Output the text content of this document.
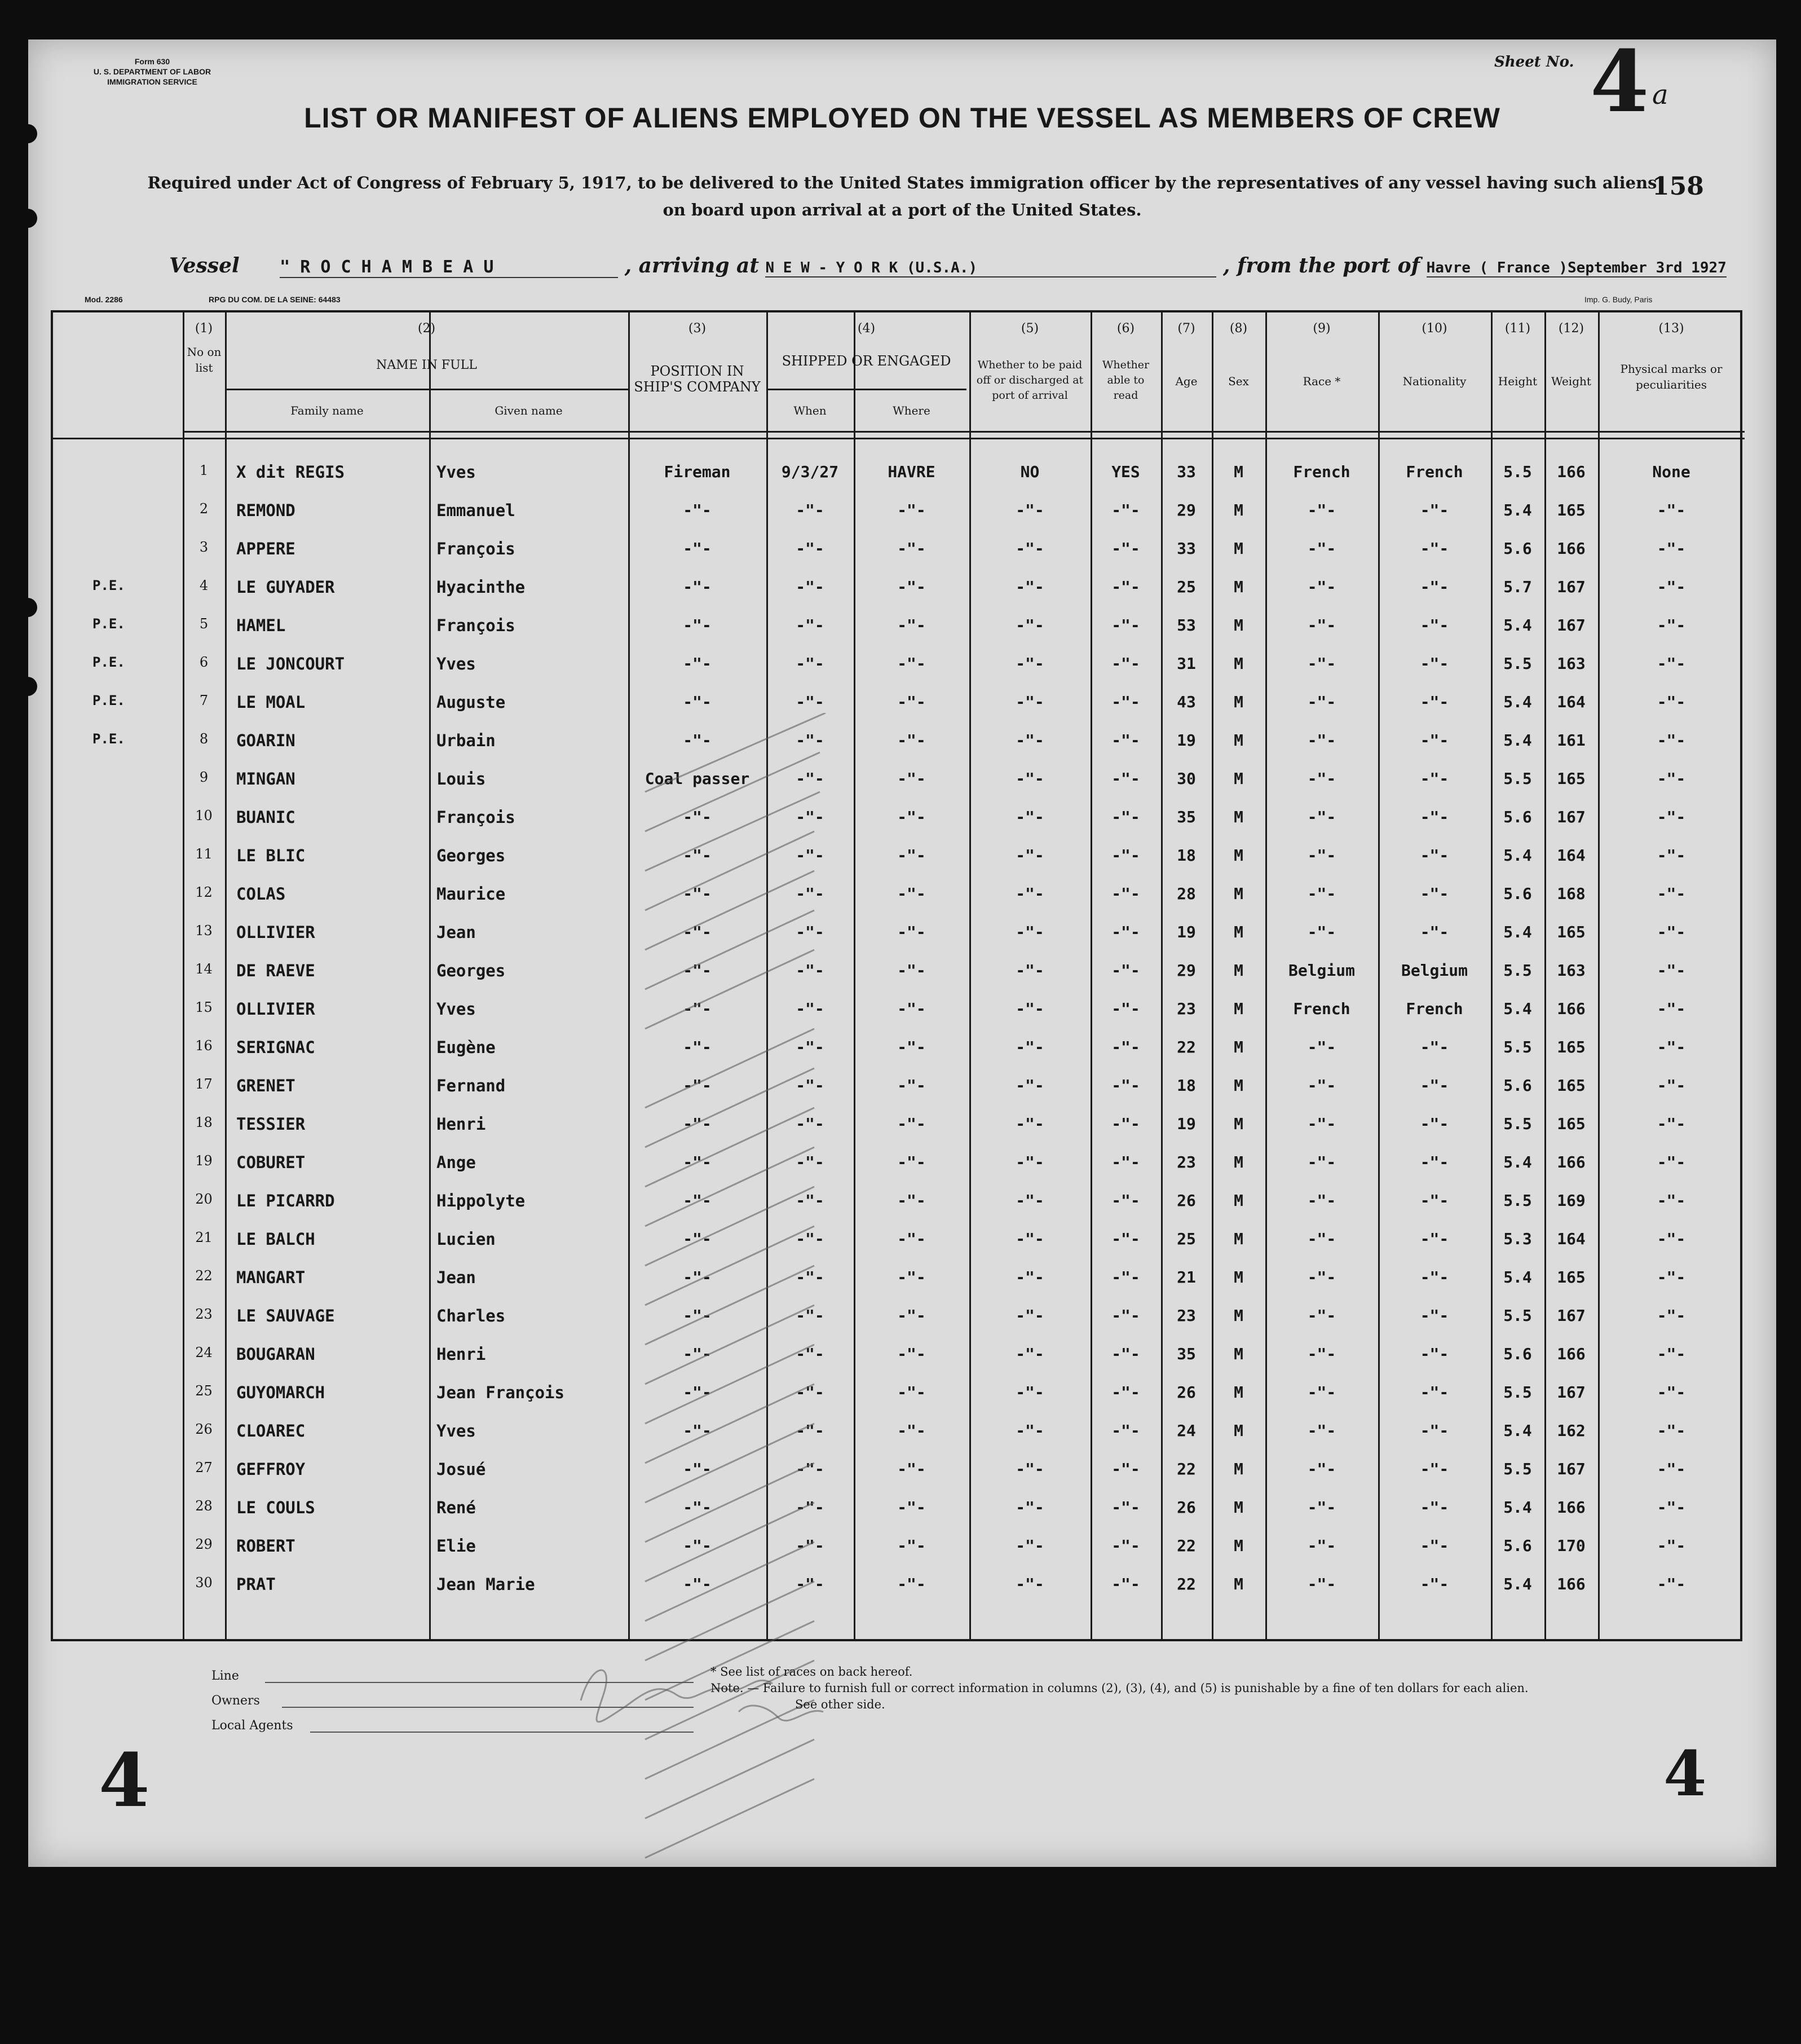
Form 630
U. S. DEPARTMENT OF LABOR
IMMIGRATION SERVICE
Sheet No. 4 a
LIST OR MANIFEST OF ALIENS EMPLOYED ON THE VESSEL AS MEMBERS OF CREW
Required under Act of Congress of February 5, 1917, to be delivered to the United States immigration officer by the representatives of any vessel having such aliens on board upon arrival at a port of the United States.
158
Vessel " R O C H A M B E A U	, arriving at N E W - Y O R K (U.S.A.)	, from the port of Havre ( France )September 3rd 1927
Mod. 2286	RPG DU COM. DE LA SEINE: 64483	Imp. G. Budy, Paris
(1)
No on list
(2)
NAME IN FULL
Family name	Given name
(3)
POSITION IN SHIP'S COMPANY
(4)
SHIPPED OR ENGAGED
When	Where
(5)
Whether to be paid off or discharged at port of arrival
(6)
Whether able to read
(7)
Age
(8)
Sex
(9)
Race *
(10)
Nationality
(11)
Height
(12)
Weight
(13)
Physical marks or peculiarities
1	X dit REGIS	Yves	Fireman	9/3/27	HAVRE	NO	YES	33	M	French	French	5.5	166	None
2	REMOND	Emmanuel	-"-	-"-	-"-	-"-	-"-	29	M	-"-	-"-	5.4	165	-"-
3	APPERE	François	-"-	-"-	-"-	-"-	-"-	33	M	-"-	-"-	5.6	166	-"-
P.E.	4	LE GUYADER	Hyacinthe	-"-	-"-	-"-	-"-	-"-	25	M	-"-	-"-	5.7	167	-"-
P.E.	5	HAMEL	François	-"-	-"-	-"-	-"-	-"-	53	M	-"-	-"-	5.4	167	-"-
P.E.	6	LE JONCOURT	Yves	-"-	-"-	-"-	-"-	-"-	31	M	-"-	-"-	5.5	163	-"-
P.E.	7	LE MOAL	Auguste	-"-	-"-	-"-	-"-	-"-	43	M	-"-	-"-	5.4	164	-"-
P.E.	8	GOARIN	Urbain	-"-	-"-	-"-	-"-	-"-	19	M	-"-	-"-	5.4	161	-"-
9	MINGAN	Louis	Coal passer	-"-	-"-	-"-	-"-	30	M	-"-	-"-	5.5	165	-"-
10	BUANIC	François	-"-	-"-	-"-	-"-	-"-	35	M	-"-	-"-	5.6	167	-"-
11	LE BLIC	Georges	-"-	-"-	-"-	-"-	-"-	18	M	-"-	-"-	5.4	164	-"-
12	COLAS	Maurice	-"-	-"-	-"-	-"-	-"-	28	M	-"-	-"-	5.6	168	-"-
13	OLLIVIER	Jean	-"-	-"-	-"-	-"-	-"-	19	M	-"-	-"-	5.4	165	-"-
14	DE RAEVE	Georges	-"-	-"-	-"-	-"-	-"-	29	M	Belgium	Belgium	5.5	163	-"-
15	OLLIVIER	Yves	-"-	-"-	-"-	-"-	-"-	23	M	French	French	5.4	166	-"-
16	SERIGNAC	Eugène	-"-	-"-	-"-	-"-	-"-	22	M	-"-	-"-	5.5	165	-"-
17	GRENET	Fernand	-"-	-"-	-"-	-"-	-"-	18	M	-"-	-"-	5.6	165	-"-
18	TESSIER	Henri	-"-	-"-	-"-	-"-	-"-	19	M	-"-	-"-	5.5	165	-"-
19	COBURET	Ange	-"-	-"-	-"-	-"-	-"-	23	M	-"-	-"-	5.4	166	-"-
20	LE PICARRD	Hippolyte	-"-	-"-	-"-	-"-	-"-	26	M	-"-	-"-	5.5	169	-"-
21	LE BALCH	Lucien	-"-	-"-	-"-	-"-	-"-	25	M	-"-	-"-	5.3	164	-"-
22	MANGART	Jean	-"-	-"-	-"-	-"-	-"-	21	M	-"-	-"-	5.4	165	-"-
23	LE SAUVAGE	Charles	-"-	-"-	-"-	-"-	-"-	23	M	-"-	-"-	5.5	167	-"-
24	BOUGARAN	Henri	-"-	-"-	-"-	-"-	-"-	35	M	-"-	-"-	5.6	166	-"-
25	GUYOMARCH	Jean François	-"-	-"-	-"-	-"-	-"-	26	M	-"-	-"-	5.5	167	-"-
26	CLOAREC	Yves	-"-	-"-	-"-	-"-	-"-	24	M	-"-	-"-	5.4	162	-"-
27	GEFFROY	Josué	-"-	-"-	-"-	-"-	-"-	22	M	-"-	-"-	5.5	167	-"-
28	LE COULS	René	-"-	-"-	-"-	-"-	-"-	26	M	-"-	-"-	5.4	166	-"-
29	ROBERT	Elie	-"-	-"-	-"-	-"-	-"-	22	M	-"-	-"-	5.6	170	-"-
30	PRAT	Jean Marie	-"-	-"-	-"-	-"-	-"-	22	M	-"-	-"-	5.4	166	-"-
Line
Owners
Local Agents
* See list of races on back hereof.
Note. — Failure to furnish full or correct information in columns (2), (3), (4), and (5) is punishable by a fine of ten dollars for each alien.
See other side.
4	4
